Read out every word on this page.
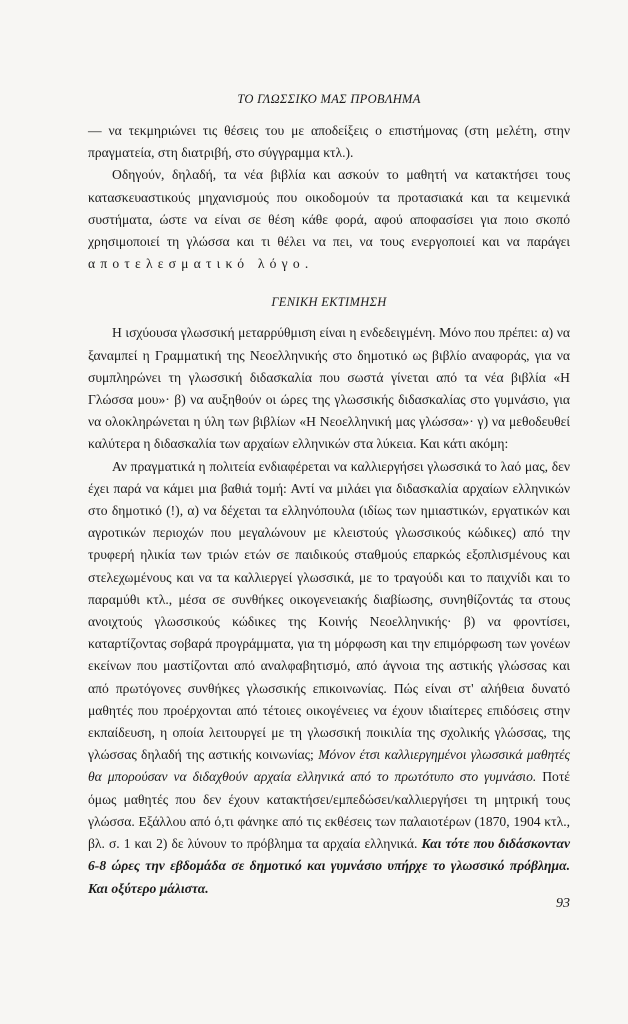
ΤΟ ΓΛΩΣΣΙΚΟ ΜΑΣ ΠΡΟΒΛΗΜΑ

— να τεκμηριώνει τις θέσεις του με αποδείξεις ο επιστήμονας (στη μελέτη, στην πραγματεία, στη διατριβή, στο σύγγραμμα κτλ.).

Οδηγούν, δηλαδή, τα νέα βιβλία και ασκούν το μαθητή να κατακτήσει τους κατασκευαστικούς μηχανισμούς που οικοδομούν τα προτασιακά και τα κειμενικά συστήματα, ώστε να είναι σε θέση κάθε φορά, αφού αποφασίσει για ποιο σκοπό χρησιμοποιεί τη γλώσσα και τι θέλει να πει, να τους ενεργοποιεί και να παράγει αποτελεσματικό λόγο.

ΓΕΝΙΚΗ ΕΚΤΙΜΗΣΗ

Η ισχύουσα γλωσσική μεταρρύθμιση είναι η ενδεδειγμένη. Μόνο που πρέπει: α) να ξαναμπεί η Γραμματική της Νεοελληνικής στο δημοτικό ως βιβλίο αναφοράς, για να συμπληρώνει τη γλωσσική διδασκαλία που σωστά γίνεται από τα νέα βιβλία «Η Γλώσσα μου»· β) να αυξηθούν οι ώρες της γλωσσικής διδασκαλίας στο γυμνάσιο, για να ολοκληρώνεται η ύλη των βιβλίων «Η Νεοελληνική μας γλώσσα»· γ) να μεθοδευθεί καλύτερα η διδασκαλία των αρχαίων ελληνικών στα λύκεια. Και κάτι ακόμη:

Αν πραγματικά η πολιτεία ενδιαφέρεται να καλλιεργήσει γλωσσικά το λαό μας, δεν έχει παρά να κάμει μια βαθιά τομή: Αντί να μιλάει για διδασκαλία αρχαίων ελληνικών στο δημοτικό (!), α) να δέχεται τα ελληνόπουλα (ιδίως των ημιαστικών, εργατικών και αγροτικών περιοχών που μεγαλώνουν με κλειστούς γλωσσικούς κώδικες) από την τρυφερή ηλικία των τριών ετών σε παιδικούς σταθμούς επαρκώς εξοπλισμένους και στελεχωμένους και να τα καλλιεργεί γλωσσικά, με το τραγούδι και το παιχνίδι και το παραμύθι κτλ., μέσα σε συνθήκες οικογενειακής διαβίωσης, συνηθίζοντάς τα στους ανοιχτούς γλωσσικούς κώδικες της Κοινής Νεοελληνικής· β) να φροντίσει, καταρτίζοντας σοβαρά προγράμματα, για τη μόρφωση και την επιμόρφωση των γονέων εκείνων που μαστίζονται από αναλφαβητισμό, από άγνοια της αστικής γλώσσας και από πρωτόγονες συνθήκες γλωσσικής επικοινωνίας. Πώς είναι στ' αλήθεια δυνατό μαθητές που προέρχονται από τέτοιες οικογένειες να έχουν ιδιαίτερες επιδόσεις στην εκπαίδευση, η οποία λειτουργεί με τη γλωσσική ποικιλία της σχολικής γλώσσας, της γλώσσας δηλαδή της αστικής κοινωνίας; Μόνον έτσι καλλιεργημένοι γλωσσικά μαθητές θα μπορούσαν να διδαχθούν αρχαία ελληνικά από το πρωτότυπο στο γυμνάσιο. Ποτέ όμως μαθητές που δεν έχουν κατακτήσει/εμπεδώσει/καλλιεργήσει τη μητρική τους γλώσσα. Εξάλλου από ό,τι φάνηκε από τις εκθέσεις των παλαιοτέρων (1870, 1904 κτλ., βλ. σ. 1 και 2) δε λύνουν το πρόβλημα τα αρχαία ελληνικά. Και τότε που διδάσκονταν 6-8 ώρες την εβδομάδα σε δημοτικό και γυμνάσιο υπήρχε το γλωσσικό πρόβλημα. Και οξύτερο μάλιστα.

93
